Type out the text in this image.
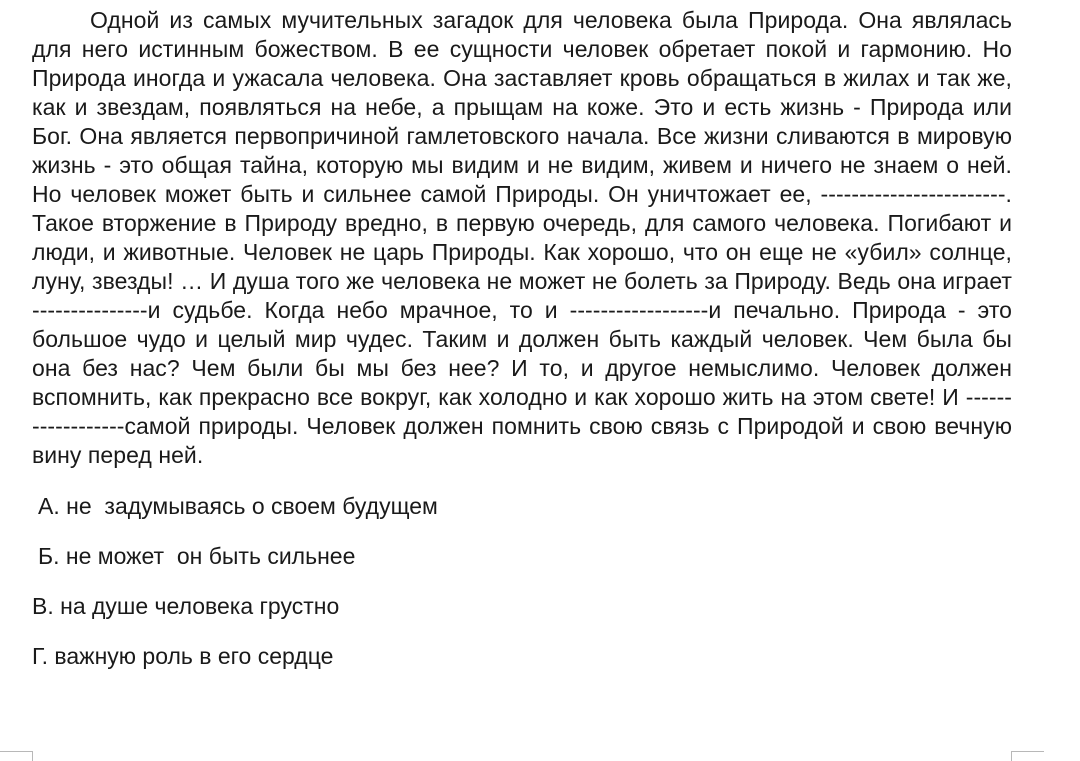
Одной из самых мучительных загадок для человека была Природа. Она являлась для него истинным божеством. В ее сущности человек обретает покой и гармонию. Но Природа иногда и ужасала человека. Она заставляет кровь обращаться в жилах и так же, как и звездам, появляться на небе, а прыщам на коже. Это и есть жизнь - Природа или Бог. Она является первопричиной гамлетовского начала. Все жизни сливаются в мировую жизнь - это общая тайна, которую мы видим и не видим, живем и ничего не знаем о ней. Но человек может быть и сильнее самой Природы. Он уничтожает ее, ------------------------. Такое вторжение в Природу вредно, в первую очередь, для самого человека. Погибают и люди, и животные. Человек не царь Природы. Как хорошо, что он еще не «убил» солнце, луну, звезды! … И душа того же человека не может не болеть за Природу. Ведь она играет ---------------и судьбе. Когда небо мрачное, то и ------------------и печально. Природа - это большое чудо и целый мир чудес. Таким и должен быть каждый человек. Чем была бы она без нас? Чем были бы мы без нее? И то, и другое немыслимо. Человек должен вспомнить, как прекрасно все вокруг, как холодно и как хорошо жить на этом свете! И ------------------самой природы. Человек должен помнить свою связь с Природой и свою вечную вину перед ней.

А. не  задумываясь о своем будущем
Б. не может  он быть сильнее
В. на душе человека грустно
Г. важную роль в его сердце
